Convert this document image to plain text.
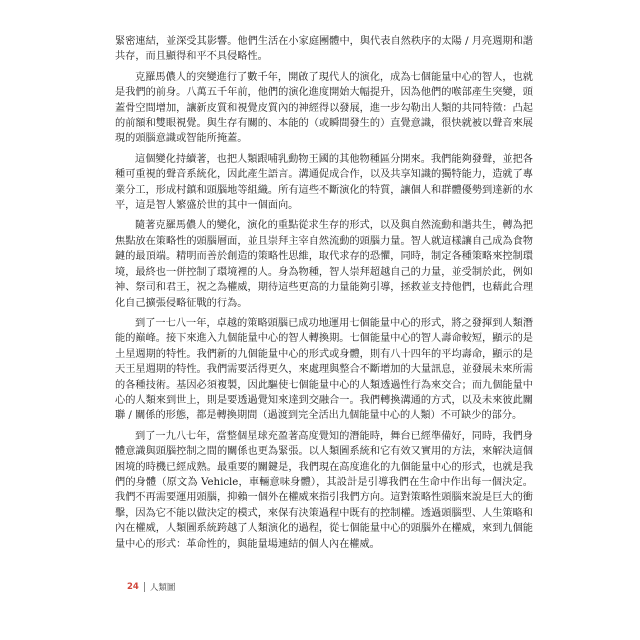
緊密連結，並深受其影響。他們生活在小家庭團體中，與代表自然秩序的太陽 / 月亮週期和諧共存，而且顯得和平不具侵略性。

克羅馬儂人的突變進行了數千年，開啟了現代人的演化，成為七個能量中心的智人，也就是我們的前身。八萬五千年前，他們的演化進度開始大幅提升，因為他們的喉部產生突變，頭蓋骨空間增加，讓新皮質和視覺皮質內的神經得以發展，進一步勾勒出人類的共同特徵：凸起的前額和雙眼視覺。與生存有關的、本能的（或瞬間發生的）直覺意識，很快就被以聲音來展現的頭腦意識或智能所掩蓋。

這個變化持續著，也把人類跟哺乳動物王國的其他物種區分開來。我們能夠發聲，並把各種可重視的聲音系統化，因此產生語言。溝通促成合作，以及共享知識的獨特能力，造就了專業分工，形成村鎮和頭腦地等組織。所有這些不斷演化的特質，讓個人和群體優勢到達新的水平，這是智人繁盛於世的其中一個面向。

隨著克羅馬儂人的變化，演化的重點從求生存的形式，以及與自然流動和諧共生，轉為把焦點放在策略性的頭腦層面，並且崇拜主宰自然流動的頭腦力量。智人就這樣讓自己成為食物鏈的最頂端。精明而善於創造的策略性思維，取代求存的恐懼，同時，制定各種策略來控制環境，最終也一併控制了環境裡的人。身為物種，智人崇拜超越自己的力量，並受制於此，例如神、祭司和君王，祝之為權威，期待這些更高的力量能夠引導，拯救並支持他們，也藉此合理化自己擴張侵略征戰的行為。

到了一七八一年，卓越的策略頭腦已成功地運用七個能量中心的形式，將之發揮到人類潛能的巔峰。接下來進入九個能量中心的智人轉換期。七個能量中心的智人壽命較短，顯示的是土星週期的特性。我們新的九個能量中心的形式或身體，則有八十四年的平均壽命，顯示的是天王星週期的特性。我們需要活得更久，來處理與整合不斷增加的大量訊息，並發展未來所需的各種技術。基因必須複製，因此驅使七個能量中心的人類透過性行為來交合；而九個能量中心的人類來到世上，則是要透過覺知來達到交融合一。我們轉換溝通的方式，以及未來彼此關聯 / 關係的形態，都是轉換期間（過渡到完全活出九個能量中心的人類）不可缺少的部分。

到了一九八七年，當整個星球充盈著高度覺知的潛能時，舞台已經準備好，同時，我們身體意識與頭腦控制之間的關係也更為緊張。以人類圖系統和它有效又實用的方法，來解決這個困境的時機已經成熟。最重要的關鍵是，我們現在高度進化的九個能量中心的形式，也就是我們的身體（原文為 Vehicle，車輛意味身體），其設計是引導我們在生命中作出每一個決定。我們不再需要運用頭腦，抑賴一個外在權威來指引我們方向。這對策略性頭腦來說是巨大的衝擊，因為它不能以做決定的模式，來保有決策過程中既有的控制權。透過頭腦型、人生策略和內在權威，人類圖系統跨越了人類演化的過程，從七個能量中心的頭腦外在權威，來到九個能量中心的形式：革命性的，與能量場連結的個人內在權威。

24 人類圖
